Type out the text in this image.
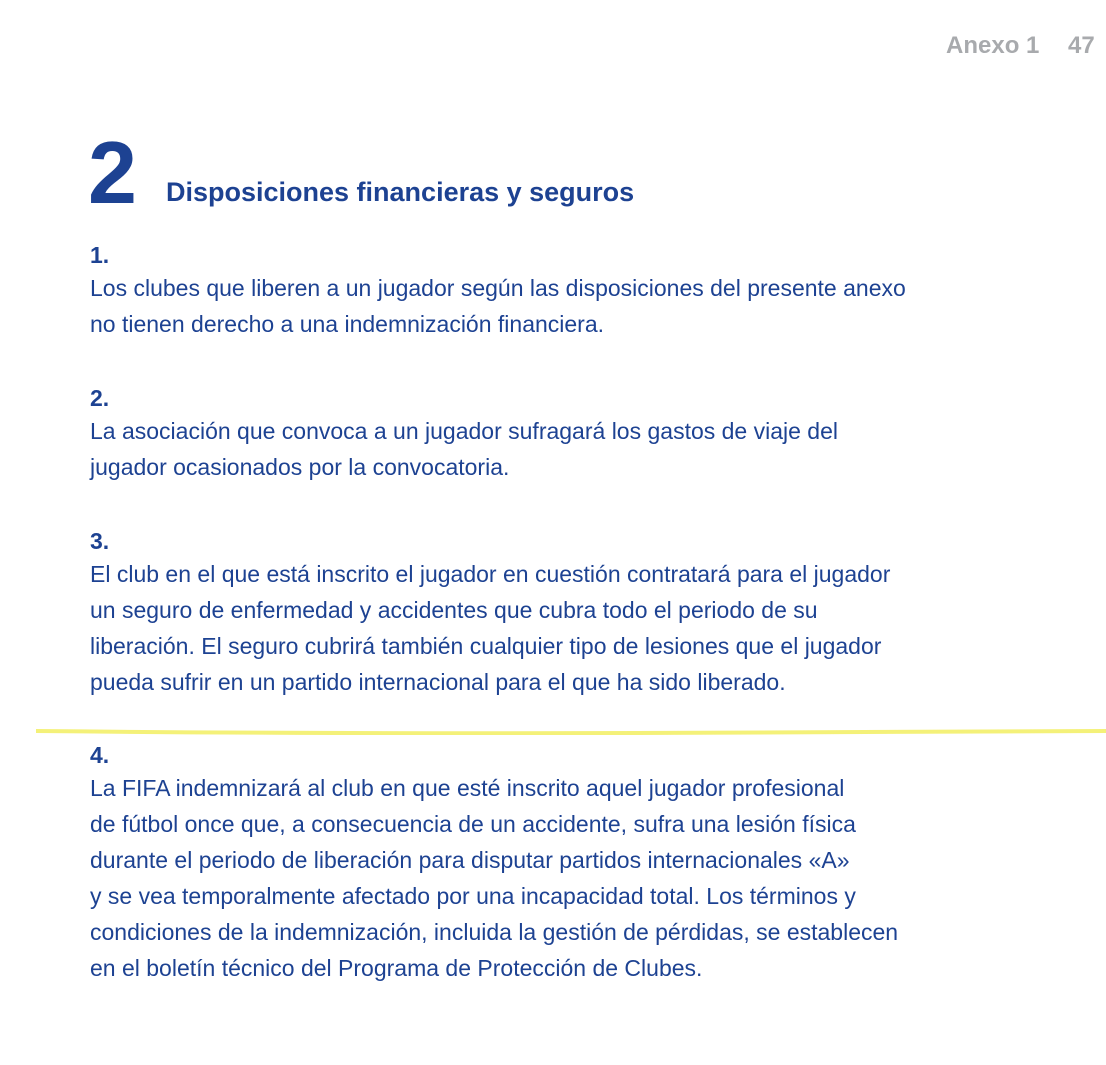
Anexo 1 47
2 Disposiciones financieras y seguros
1.

Los clubes que liberen a un jugador según las disposiciones del presente anexo
no tienen derecho a una indemnización financiera.

2.

La asociación que convoca a un jugador sufragará los gastos de viaje del
jugador ocasionados por la convocatoria.

3.

El club en el que está inscrito el jugador en cuestión contratará para el jugador
un seguro de enfermedad y accidentes que cubra todo el periodo de su
liberación. El seguro cubrirá también cualquier tipo de lesiones que el jugador
pueda sufrir en un partido internacional para el que ha sido liberado.

4.

La FIFA indemnizará al club en que esté inscrito aquel jugador profesional
de fútbol once que, a consecuencia de un accidente, sufra una lesión física
durante el periodo de liberación para disputar partidos internacionales «A»
y se vea temporalmente afectado por una incapacidad total. Los términos y
condiciones de la indemnización, incluida la gestión de pérdidas, se establecen
en el boletín técnico del Programa de Protección de Clubes.
